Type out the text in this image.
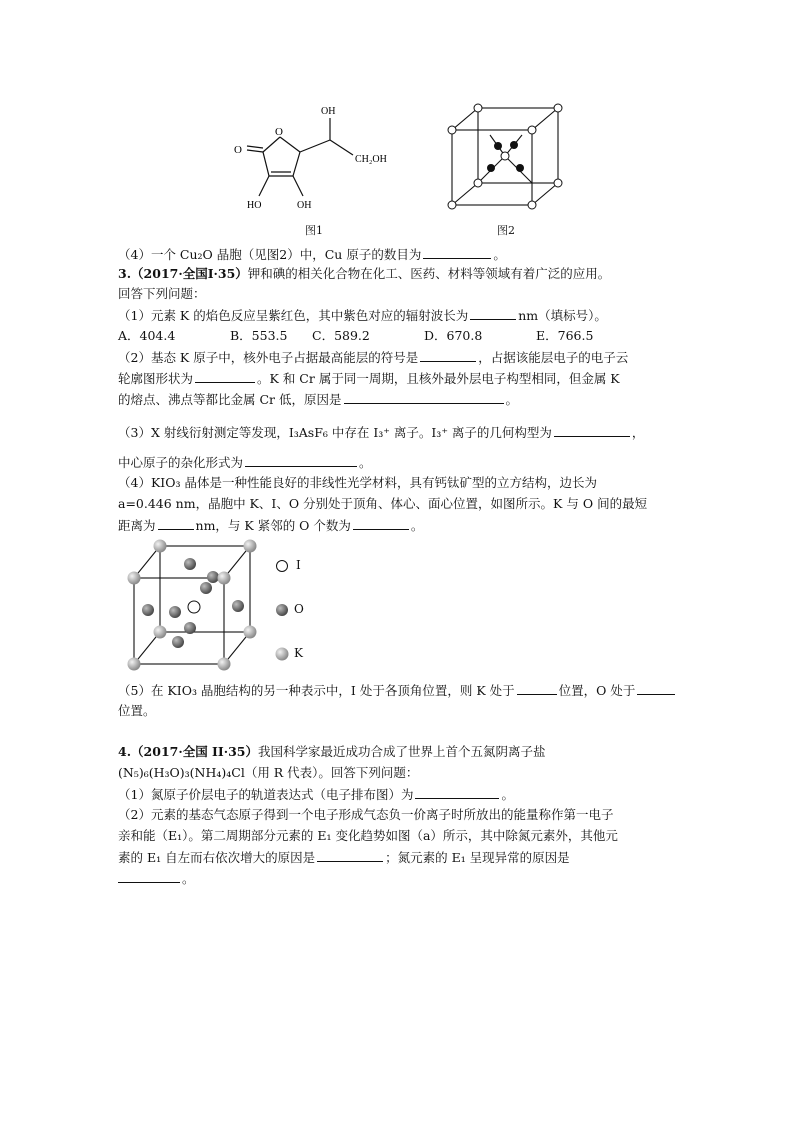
O
O
OH
CH₂OH
HO	OH
图1	图2
（4）一个 Cu₂O 晶胞（见图2）中，Cu 原子的数目为	。
3.（2017·全国Ⅰ·35）钾和碘的相关化合物在化工、医药、材料等领域有着广泛的应用。
回答下列问题：
（1）元素 K 的焰色反应呈紫红色，其中紫色对应的辐射波长为	nm（填标号）。
A．404.4	B．553.5 C．589.2	D．670.8	E．766.5
（2）基态 K 原子中，核外电子占据最高能层的符号是	，占据该能层电子的电子云
轮廓图形状为	。K 和 Cr 属于同一周期，且核外最外层电子构型相同，但金属 K
的熔点、沸点等都比金属 Cr 低，原因是	。
（3）X 射线衍射测定等发现，I₃AsF₆ 中存在 I₃⁺ 离子。I₃⁺ 离子的几何构型为	，
中心原子的杂化形式为	。
（4）KIO₃ 晶体是一种性能良好的非线性光学材料，具有钙钛矿型的立方结构，边长为
a=0.446 nm，晶胞中 K、I、O 分别处于顶角、体心、面心位置，如图所示。K 与 O 间的最短
距离为	nm，与 K 紧邻的 O 个数为	。
I
O
K
（5）在 KIO₃ 晶胞结构的另一种表示中，I 处于各顶角位置，则 K 处于	位置，O 处于
位置。
4.（2017·全国 II·35）我国科学家最近成功合成了世界上首个五氮阴离子盐
(N₅)₆(H₃O)₃(NH₄)₄Cl（用 R 代表）。回答下列问题：
（1）氮原子价层电子的轨道表达式（电子排布图）为	。
（2）元素的基态气态原子得到一个电子形成气态负一价离子时所放出的能量称作第一电子
亲和能（E₁）。第二周期部分元素的 E₁ 变化趋势如图（a）所示，其中除氮元素外，其他元
素的 E₁ 自左而右依次增大的原因是	；氮元素的 E₁ 呈现异常的原因是
。
